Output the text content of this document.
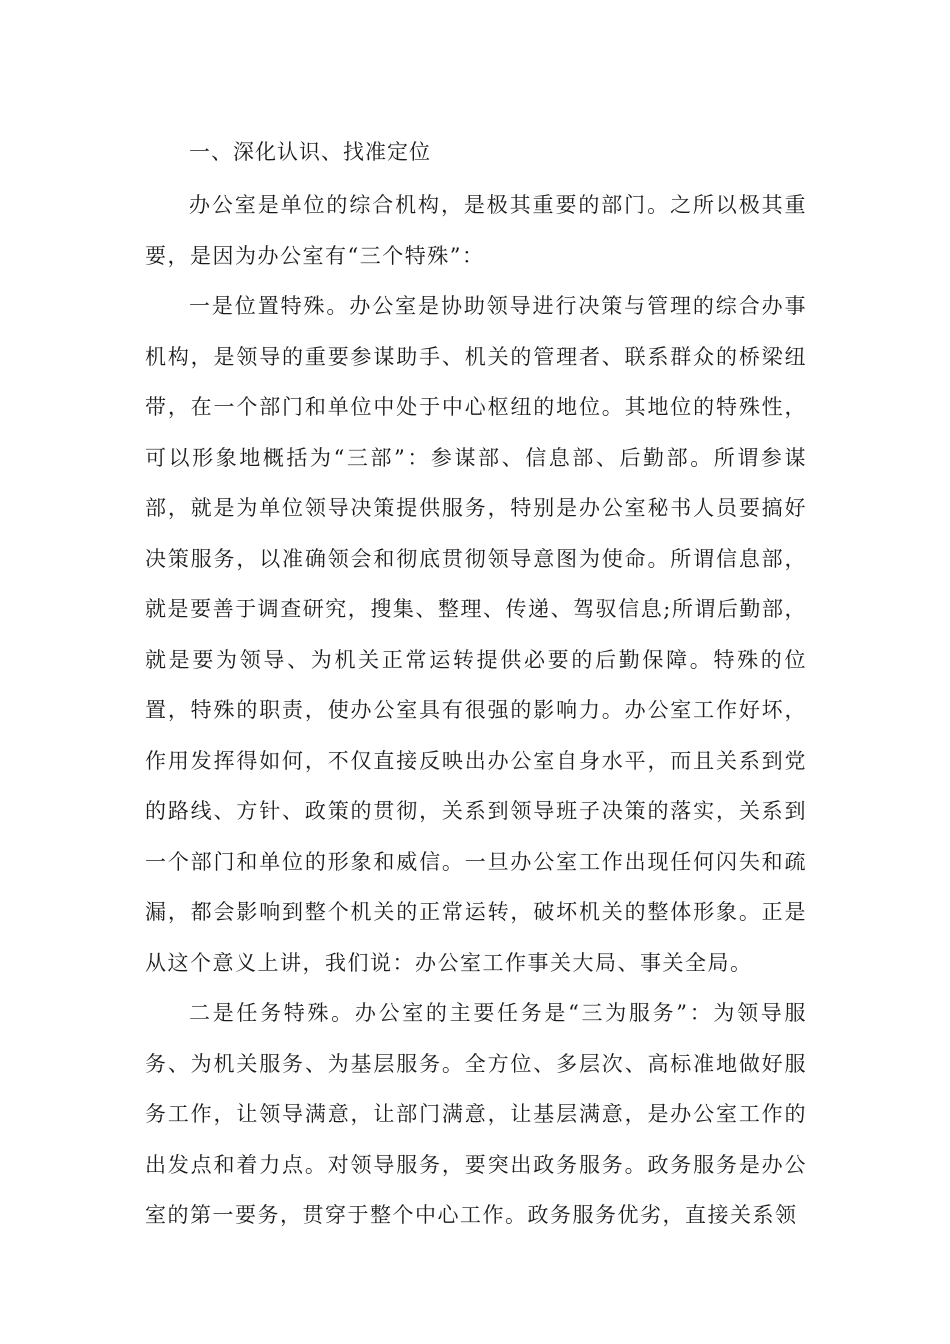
一、深化认识、找准定位

办公室是单位的综合机构，是极其重要的部门。之所以极其重要，是因为办公室有“三个特殊”：

一是位置特殊。办公室是协助领导进行决策与管理的综合办事机构，是领导的重要参谋助手、机关的管理者、联系群众的桥梁纽带，在一个部门和单位中处于中心枢纽的地位。其地位的特殊性，可以形象地概括为“三部”：参谋部、信息部、后勤部。所谓参谋部，就是为单位领导决策提供服务，特别是办公室秘书人员要搞好决策服务，以准确领会和彻底贯彻领导意图为使命。所谓信息部，就是要善于调查研究，搜集、整理、传递、驾驭信息;所谓后勤部，就是要为领导、为机关正常运转提供必要的后勤保障。特殊的位置，特殊的职责，使办公室具有很强的影响力。办公室工作好坏，作用发挥得如何，不仅直接反映出办公室自身水平，而且关系到党的路线、方针、政策的贯彻，关系到领导班子决策的落实，关系到一个部门和单位的形象和威信。一旦办公室工作出现任何闪失和疏漏，都会影响到整个机关的正常运转，破坏机关的整体形象。正是从这个意义上讲，我们说：办公室工作事关大局、事关全局。

二是任务特殊。办公室的主要任务是“三为服务”：为领导服务、为机关服务、为基层服务。全方位、多层次、高标准地做好服务工作，让领导满意，让部门满意，让基层满意，是办公室工作的出发点和着力点。对领导服务，要突出政务服务。政务服务是办公室的第一要务，贯穿于整个中心工作。政务服务优劣，直接关系领
